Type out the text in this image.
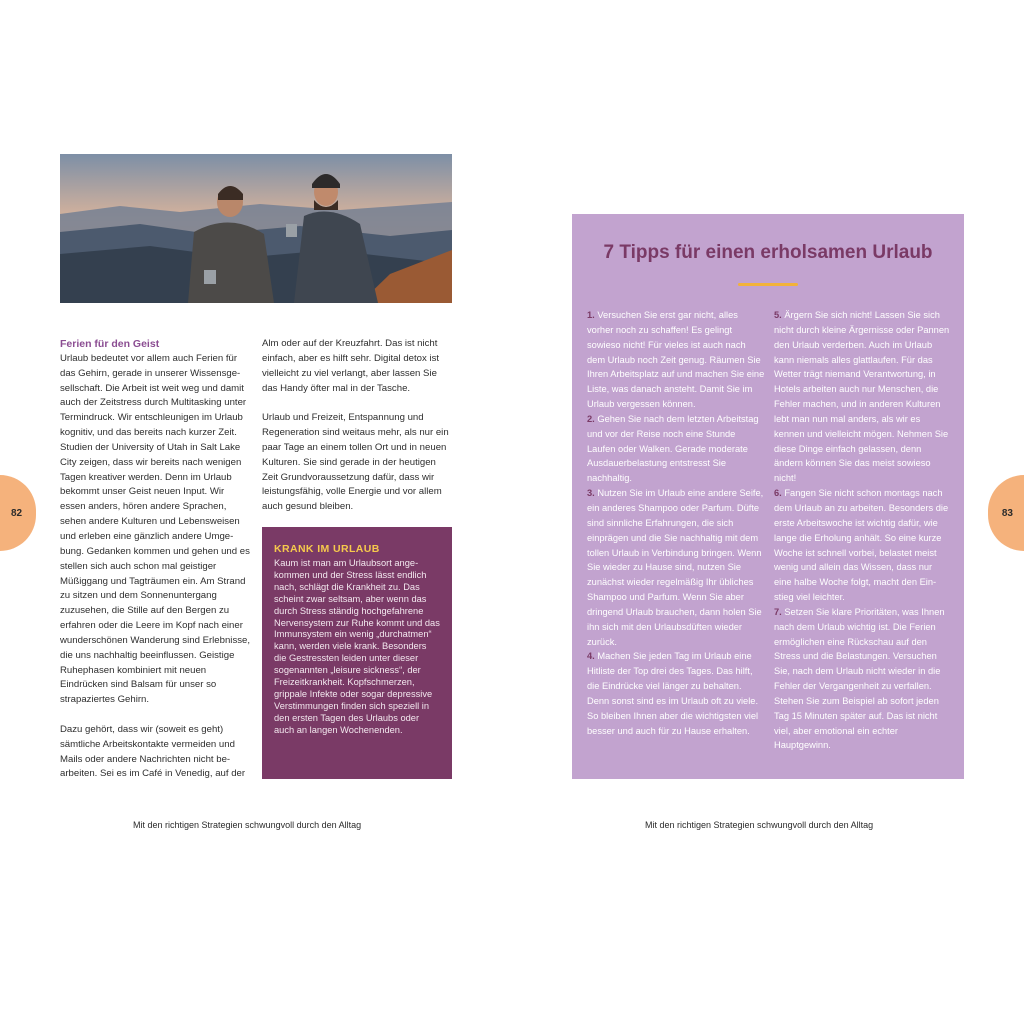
Ferien für den Geist

Urlaub bedeutet vor allem auch Ferien für das Gehirn, gerade in unserer Wissensgesellschaft. Die Arbeit ist weit weg und damit auch der Zeitstress durch Multitasking unter Termindruck. Wir entschleunigen im Urlaub kognitiv, und das bereits nach kurzer Zeit. Studien der University of Utah in Salt Lake City zeigen, dass wir bereits nach wenigen Tagen kreativer werden. Denn im Urlaub bekommt unser Geist neuen Input. Wir essen anders, hören andere Sprachen, sehen andere Kulturen und Lebensweisen und erleben eine gänzlich andere Umgebung. Gedanken kommen und gehen und es stellen sich auch schon mal geistiger Müßiggang und Tagträumen ein. Am Strand zu sitzen und dem Sonnenuntergang zuzusehen, die Stille auf den Bergen zu erfahren oder die Leere im Kopf nach einer wunderschönen Wanderung sind Erlebnisse, die uns nachhaltig beeinflussen. Geistige Ruhephasen kombiniert mit neuen Eindrücken sind Balsam für unser so strapaziertes Gehirn.

Dazu gehört, dass wir (soweit es geht) sämtliche Arbeitskontakte vermeiden und Mails oder andere Nachrichten nicht bearbeiten. Sei es im Café in Venedig, auf der

Alm oder auf der Kreuzfahrt. Das ist nicht einfach, aber es hilft sehr. Digital detox ist vielleicht zu viel verlangt, aber lassen Sie das Handy öfter mal in der Tasche.

Urlaub und Freizeit, Entspannung und Regeneration sind weitaus mehr, als nur ein paar Tage an einem tollen Ort und in neuen Kulturen. Sie sind gerade in der heutigen Zeit Grundvoraussetzung dafür, dass wir leistungsfähig, volle Energie und vor allem auch gesund bleiben.

KRANK IM URLAUB
Kaum ist man am Urlaubsort angekommen und der Stress lässt endlich nach, schlägt die Krankheit zu. Das scheint zwar seltsam, aber wenn das durch Stress ständig hochgefahrene Nervensystem zur Ruhe kommt und das Immunsystem ein wenig „durchatmen“ kann, werden viele krank. Besonders die Gestressten leiden unter dieser sogenannten „leisure sickness“, der Freizeitkrankheit. Kopfschmerzen, grippale Infekte oder sogar depressive Verstimmungen finden sich speziell in den ersten Tagen des Urlaubs oder auch an langen Wochenenden.
Mit den richtigen Strategien schwungvoll durch den Alltag
82
7 Tipps für einen erholsamen Urlaub
1. Versuchen Sie erst gar nicht, alles vorher noch zu schaffen! Es gelingt sowieso nicht! Für vieles ist auch nach dem Urlaub noch Zeit genug. Räumen Sie Ihren Arbeitsplatz auf und machen Sie eine Liste, was danach ansteht. Damit Sie im Urlaub vergessen können.
2. Gehen Sie nach dem letzten Arbeitstag und vor der Reise noch eine Stunde Laufen oder Walken. Gerade moderate Ausdauerbelastung entstresst Sie nachhaltig.
3. Nutzen Sie im Urlaub eine andere Seife, ein anderes Shampoo oder Parfum. Düfte sind sinnliche Erfahrungen, die sich einprägen und die Sie nachhaltig mit dem tollen Urlaub in Verbindung bringen. Wenn Sie wieder zu Hause sind, nutzen Sie zunächst wieder regelmäßig Ihr übliches Shampoo und Parfum. Wenn Sie aber dringend Urlaub brauchen, dann holen Sie ihn sich mit den Urlaubsdüften wieder zurück.
4. Machen Sie jeden Tag im Urlaub eine Hitliste der Top drei des Tages. Das hilft, die Eindrücke viel länger zu behalten. Denn sonst sind es im Urlaub oft zu viele. So bleiben Ihnen aber die wichtigsten viel besser und auch für zu Hause erhalten.
5. Ärgern Sie sich nicht! Lassen Sie sich nicht durch kleine Ärgernisse oder Pannen den Urlaub verderben. Auch im Urlaub kann niemals alles glattlaufen. Für das Wetter trägt niemand Verantwortung, in Hotels arbeiten auch nur Menschen, die Fehler machen, und in anderen Kulturen lebt man nun mal anders, als wir es kennen und vielleicht mögen. Nehmen Sie diese Dinge einfach gelassen, denn ändern können Sie das meist sowieso nicht!
6. Fangen Sie nicht schon montags nach dem Urlaub an zu arbeiten. Besonders die erste Arbeitswoche ist wichtig dafür, wie lange die Erholung anhält. So eine kurze Woche ist schnell vorbei, belastet meist wenig und allein das Wissen, dass nur eine halbe Woche folgt, macht den Einstieg viel leichter.
7. Setzen Sie klare Prioritäten, was Ihnen nach dem Urlaub wichtig ist. Die Ferien ermöglichen eine Rückschau auf den Stress und die Belastungen. Versuchen Sie, nach dem Urlaub nicht wieder in die Fehler der Vergangenheit zu verfallen. Stehen Sie zum Beispiel ab sofort jeden Tag 15 Minuten später auf. Das ist nicht viel, aber emotional ein echter Hauptgewinn.
Mit den richtigen Strategien schwungvoll durch den Alltag
83
